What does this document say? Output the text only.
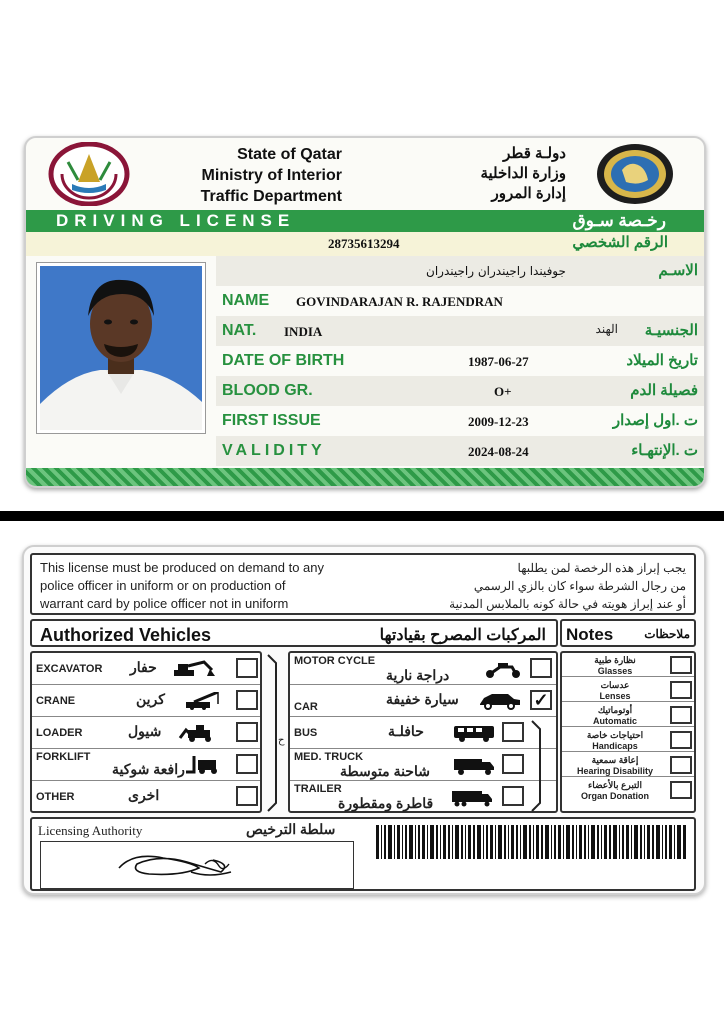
State of Qatar
Ministry of Interior
Traffic Department
دولـة قطر
وزارة الداخلية
إدارة المرور
DRIVING LICENSE	رخـصة سـوق
28735613294	الرقم الشخصي
جوفيندا راجيندران راجيندران	الاسـم
NAME GOVINDARAJAN R. RAJENDRAN
NAT. INDIA	الهند الجنسيـة
DATE OF BIRTH	1987-06-27	تاريخ الميلاد
BLOOD GR.	O+	فصيلة الدم
FIRST ISSUE	2009-12-23	ت .اول إصدار
VALIDITY	2024-08-24	ت .الإنتهـاء
This license must be produced on demand to any
police officer in uniform or on production of
warrant card by police officer not in uniform
يجب إبراز هذه الرخصة لمن يطلبها
من رجال الشرطة سواء كان بالزي الرسمي
أو عند إبراز هويته في حالة كونه بالملابس المدنية
Authorized Vehicles	المركبات المصرح بقيادتها Notes	ملاحظات
EXCAVATOR حفار
CRANE	كرين
LOADER	شيول
FORKLIFT
رافعة شوكية
OTHER	اخرى
ح
MOTOR CYCLE
دراجة نارية
CAR	سيارة خفيفة	✓
BUS	حافلـة
MED. TRUCK
شاحنة متوسطة
TRAILER
قاطرة ومقطورة
نظارة طبية
Glasses
عدسات
Lenses
أوتوماتيك
Automatic
احتياجات خاصة
Handicaps
إعاقة سمعية
Hearing Disability
التبرع بالأعضاء
Organ Donation
Licensing Authority	سلطة الترخيص
